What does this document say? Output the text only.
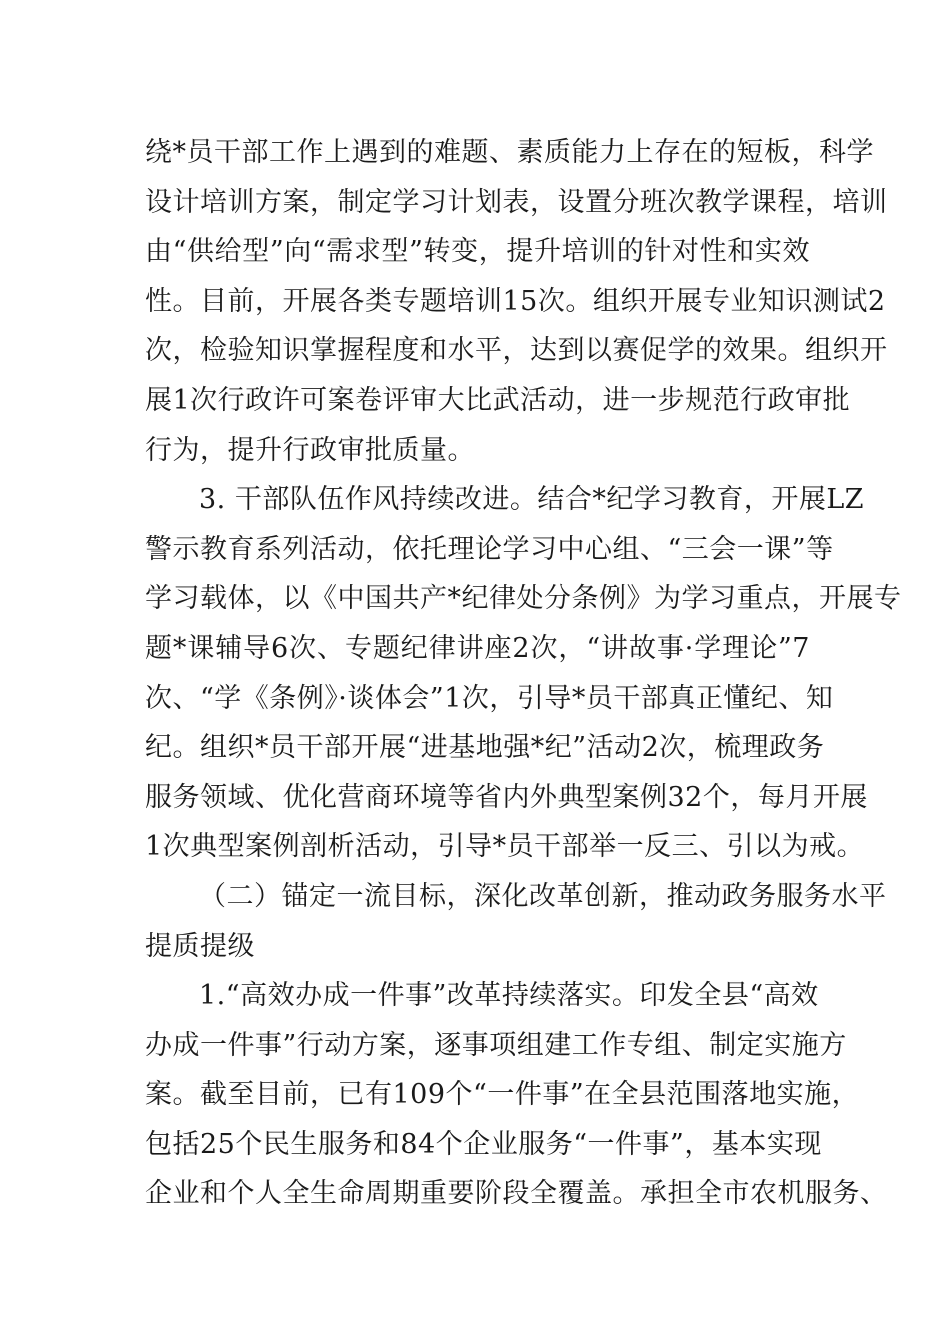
绕*员干部工作上遇到的难题、素质能力上存在的短板，科学
设计培训方案，制定学习计划表，设置分班次教学课程，培训
由“供给型”向“需求型”转变，提升培训的针对性和实效
性。目前，开展各类专题培训15次。组织开展专业知识测试2
次，检验知识掌握程度和水平，达到以赛促学的效果。组织开
展1次行政许可案卷评审大比武活动，进一步规范行政审批
行为，提升行政审批质量。
3. 干部队伍作风持续改进。结合*纪学习教育，开展LZ
警示教育系列活动，依托理论学习中心组、“三会一课”等
学习载体，以《中国共产*纪律处分条例》为学习重点，开展专
题*课辅导6次、专题纪律讲座2次，“讲故事·学理论”7
次、“学《条例》·谈体会”1次，引导*员干部真正懂纪、知
纪。组织*员干部开展“进基地强*纪”活动2次，梳理政务
服务领域、优化营商环境等省内外典型案例32个，每月开展
1次典型案例剖析活动，引导*员干部举一反三、引以为戒。
（二）锚定一流目标，深化改革创新，推动政务服务水平
提质提级
1.“高效办成一件事”改革持续落实。印发全县“高效
办成一件事”行动方案，逐事项组建工作专组、制定实施方
案。截至目前，已有109个“一件事”在全县范围落地实施，
包括25个民生服务和84个企业服务“一件事”，基本实现
企业和个人全生命周期重要阶段全覆盖。承担全市农机服务、
